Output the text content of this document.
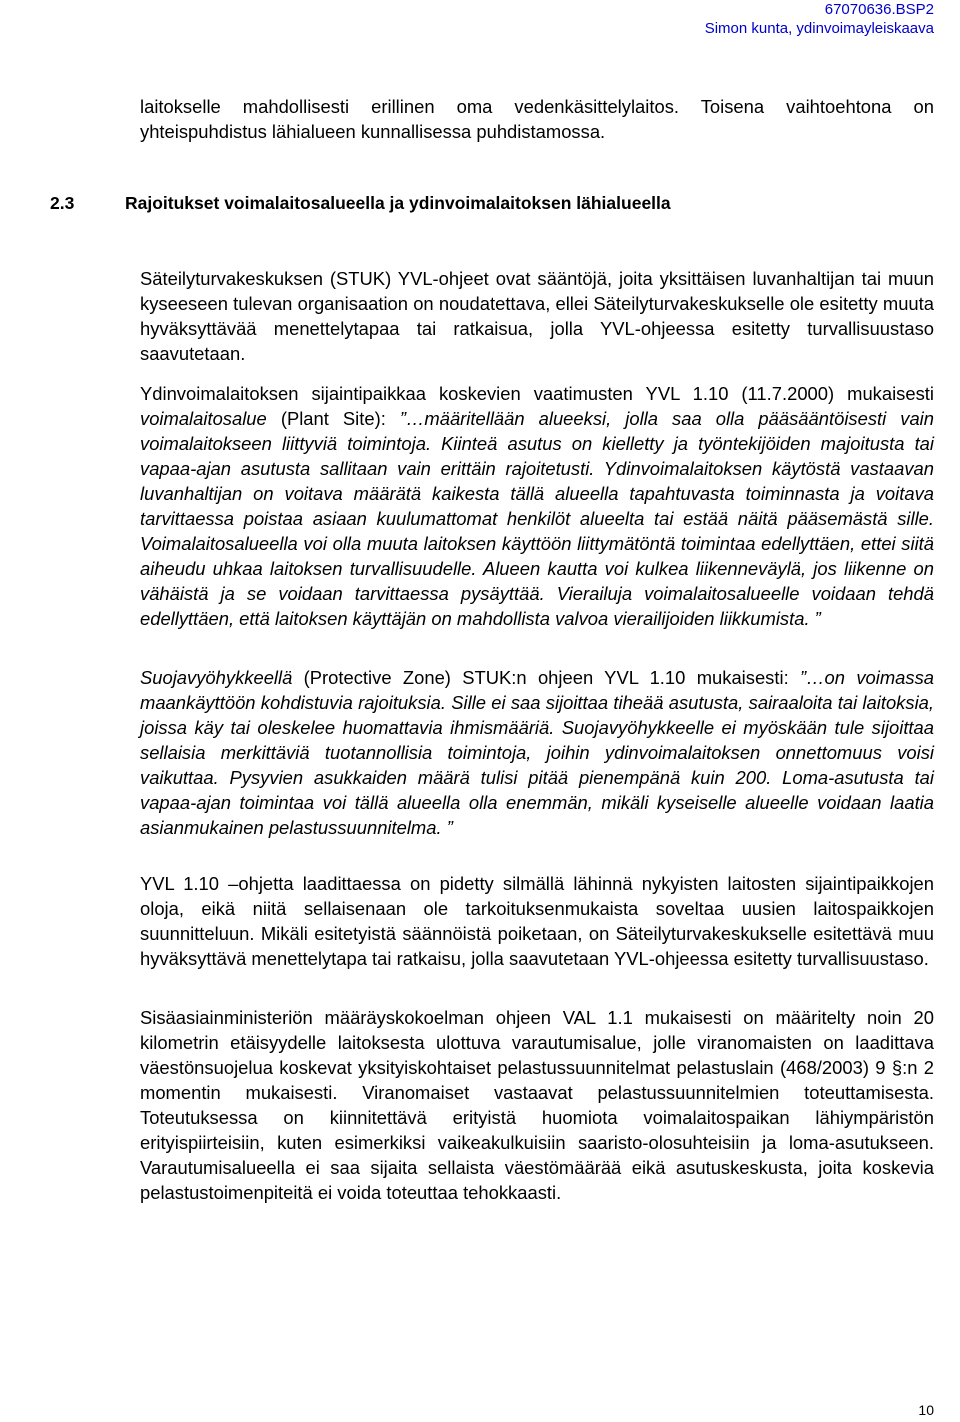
67070636.BSP2
Simon kunta, ydinvoimayleiskaava
2.3	Rajoitukset voimalaitosalueella ja ydinvoimalaitoksen lähialueella

laitokselle mahdollisesti erillinen oma vedenkäsittelylaitos. Toisena vaihtoehtona on yhteispuhdistus lähialueen kunnallisessa puhdistamossa.

Säteilyturvakeskuksen (STUK) YVL-ohjeet ovat sääntöjä, joita yksittäisen luvanhaltijan tai muun kyseeseen tulevan organisaation on noudatettava, ellei Säteilyturvakeskukselle ole esitetty muuta hyväksyttävää menettelytapaa tai ratkaisua, jolla YVL-ohjeessa esitetty turvallisuustaso saavutetaan.

Ydinvoimalaitoksen sijaintipaikkaa koskevien vaatimusten YVL 1.10 (11.7.2000) mukaisesti voimalaitosalue (Plant Site): ”…määritellään alueeksi, jolla saa olla pääsääntöisesti vain voimalaitokseen liittyviä toimintoja. Kiinteä asutus on kielletty ja työntekijöiden majoitusta tai vapaa-ajan asutusta sallitaan vain erittäin rajoitetusti. Ydinvoimalaitoksen käytöstä vastaavan luvanhaltijan on voitava määrätä kaikesta tällä alueella tapahtuvasta toiminnasta ja voitava tarvittaessa poistaa asiaan kuulumattomat henkilöt alueelta tai estää näitä pääsemästä sille. Voimalaitosalueella voi olla muuta laitoksen käyttöön liittymätöntä toimintaa edellyttäen, ettei siitä aiheudu uhkaa laitoksen turvallisuudelle. Alueen kautta voi kulkea liikenneväylä, jos liikenne on vähäistä ja se voidaan tarvittaessa pysäyttää. Vierailuja voimalaitosalueelle voidaan tehdä edellyttäen, että laitoksen käyttäjän on mahdollista valvoa vierailijoiden liikkumista. ”

Suojavyöhykkeellä (Protective Zone) STUK:n ohjeen YVL 1.10 mukaisesti: ”…on voimassa maankäyttöön kohdistuvia rajoituksia. Sille ei saa sijoittaa tiheää asutusta, sairaaloita tai laitoksia, joissa käy tai oleskelee huomattavia ihmismääriä. Suojavyöhykkeelle ei myöskään tule sijoittaa sellaisia merkittäviä tuotannollisia toimintoja, joihin ydinvoimalaitoksen onnettomuus voisi vaikuttaa. Pysyvien asukkaiden määrä tulisi pitää pienempänä kuin 200. Loma-asutusta tai vapaa-ajan toimintaa voi tällä alueella olla enemmän, mikäli kyseiselle alueelle voidaan laatia asianmukainen pelastussuunnitelma. ”

YVL 1.10 –ohjetta laadittaessa on pidetty silmällä lähinnä nykyisten laitosten sijaintipaikkojen oloja, eikä niitä sellaisenaan ole tarkoituksenmukaista soveltaa uusien laitospaikkojen suunnitteluun. Mikäli esitetyistä säännöistä poiketaan, on Säteilyturvakeskukselle esitettävä muu hyväksyttävä menettelytapa tai ratkaisu, jolla saavutetaan YVL-ohjeessa esitetty turvallisuustaso.

Sisäasiainministeriön määräyskokoelman ohjeen VAL 1.1 mukaisesti on määritelty noin 20 kilometrin etäisyydelle laitoksesta ulottuva varautumisalue, jolle viranomaisten on laadittava väestönsuojelua koskevat yksityiskohtaiset pelastussuunnitelmat pelastuslain (468/2003) 9 §:n 2 momentin mukaisesti. Viranomaiset vastaavat pelastussuunnitelmien toteuttamisesta. Toteutuksessa on kiinnitettävä erityistä huomiota voimalaitospaikan lähiympäristön erityispiirteisiin, kuten esimerkiksi vaikeakulkuisiin saaristo-olosuhteisiin ja loma-asutukseen. Varautumisalueella ei saa sijaita sellaista väestömäärää eikä asutuskeskusta, joita koskevia pelastustoimenpiteitä ei voida toteuttaa tehokkaasti.

10
